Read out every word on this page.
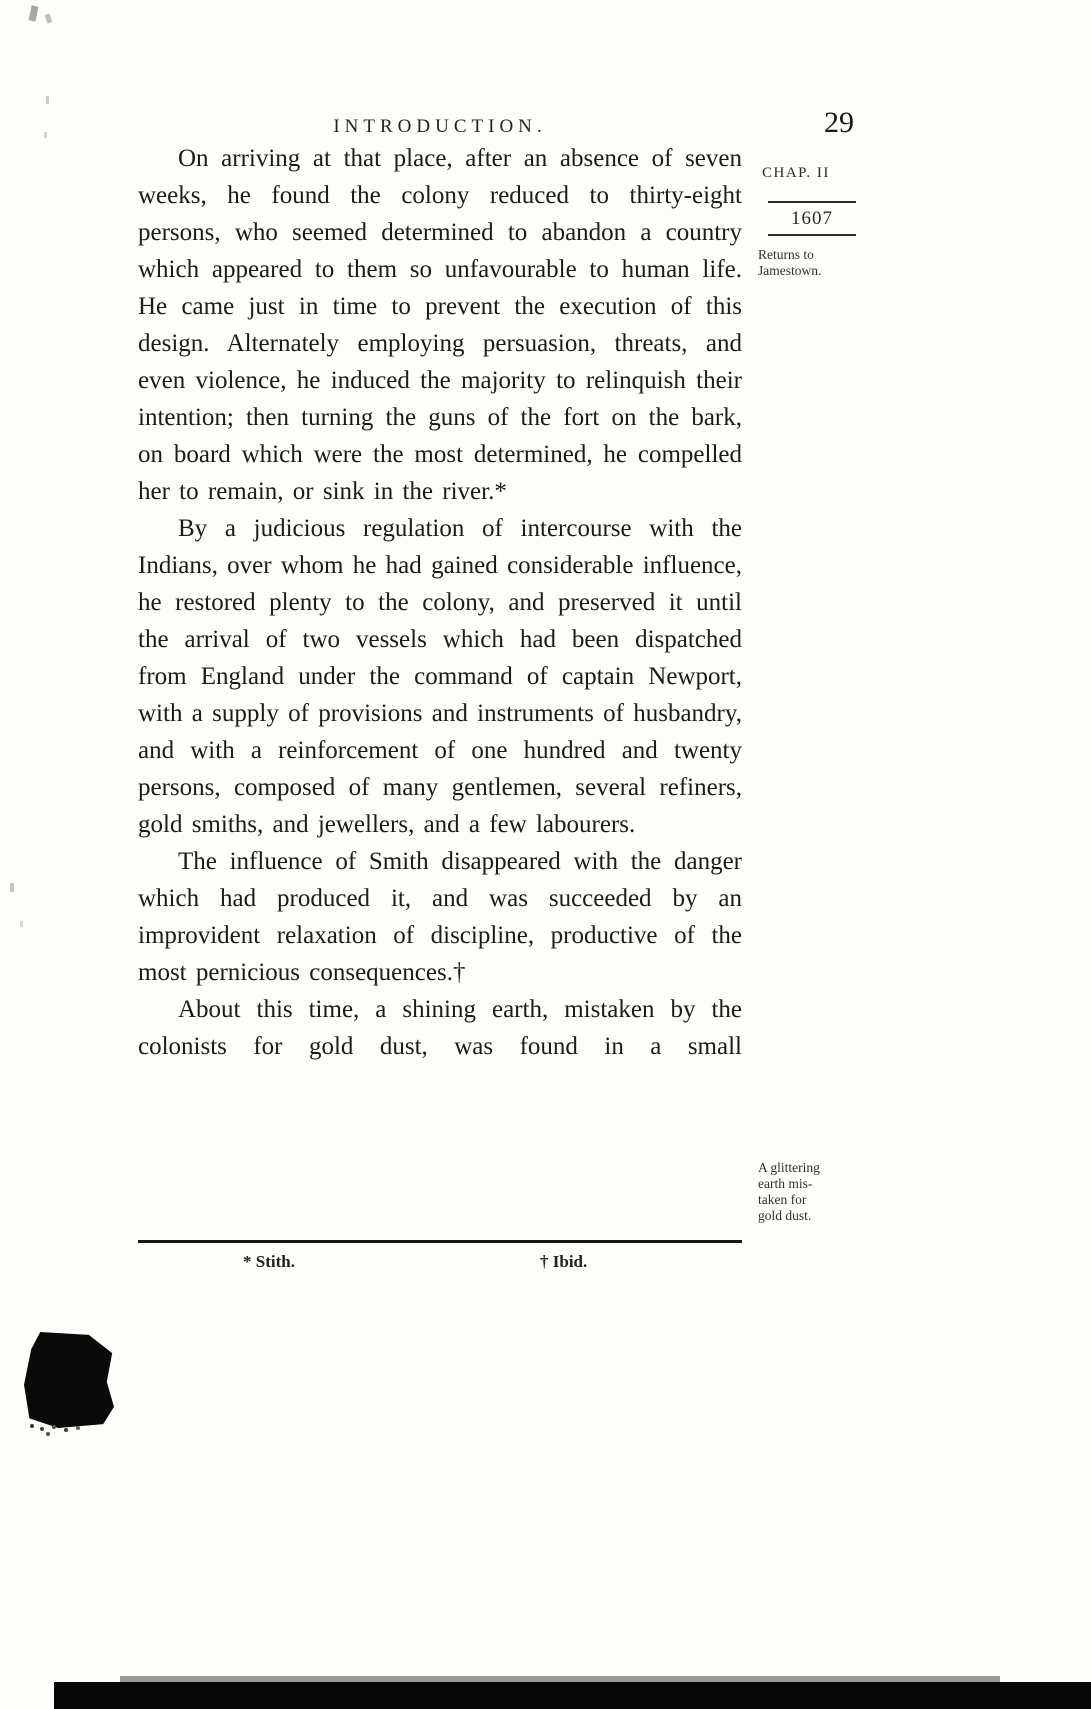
INTRODUCTION.	29

On arriving at that place, after an absence of seven weeks, he found the colony reduced to thirty-eight persons, who seemed determined to abandon a country which appeared to them so unfavourable to human life. He came just in time to prevent the execution of this design. Alternately employing persuasion, threats, and even violence, he induced the majority to relinquish their intention; then turning the guns of the fort on the bark, on board which were the most determined, he compelled her to remain, or sink in the river.*

By a judicious regulation of intercourse with the Indians, over whom he had gained considerable influence, he restored plenty to the colony, and preserved it until the arrival of two vessels which had been dispatched from England under the command of captain Newport, with a supply of provisions and instruments of husbandry, and with a reinforcement of one hundred and twenty persons, composed of many gentlemen, several refiners, gold smiths, and jewellers, and a few labourers.

The influence of Smith disappeared with the danger which had produced it, and was succeeded by an improvident relaxation of discipline, productive of the most pernicious consequences.†

About this time, a shining earth, mistaken by the colonists for gold dust, was found in a small

* Stith.	† Ibid.
CHAP. II
1607
Returns to
Jamestown.
A glittering
earth mis-
taken for
gold dust.
